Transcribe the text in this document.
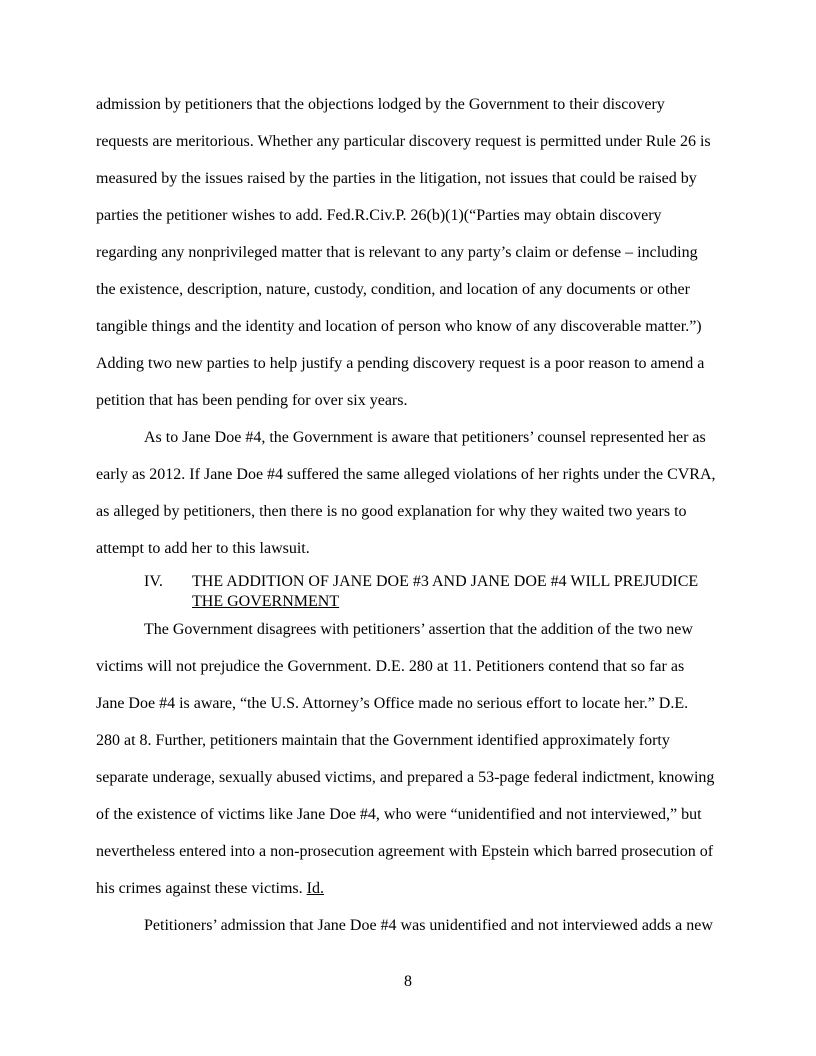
admission by petitioners that the objections lodged by the Government to their discovery
requests are meritorious. Whether any particular discovery request is permitted under Rule 26 is
measured by the issues raised by the parties in the litigation, not issues that could be raised by
parties the petitioner wishes to add. Fed.R.Civ.P. 26(b)(1)(“Parties may obtain discovery
regarding any nonprivileged matter that is relevant to any party’s claim or defense – including
the existence, description, nature, custody, condition, and location of any documents or other
tangible things and the identity and location of person who know of any discoverable matter.”)
Adding two new parties to help justify a pending discovery request is a poor reason to amend a
petition that has been pending for over six years.
As to Jane Doe #4, the Government is aware that petitioners’ counsel represented her as
early as 2012. If Jane Doe #4 suffered the same alleged violations of her rights under the CVRA,
as alleged by petitioners, then there is no good explanation for why they waited two years to
attempt to add her to this lawsuit.
IV. THE ADDITION OF JANE DOE #3 AND JANE DOE #4 WILL PREJUDICE
THE GOVERNMENT
The Government disagrees with petitioners’ assertion that the addition of the two new
victims will not prejudice the Government. D.E. 280 at 11. Petitioners contend that so far as
Jane Doe #4 is aware, “the U.S. Attorney’s Office made no serious effort to locate her.” D.E.
280 at 8. Further, petitioners maintain that the Government identified approximately forty
separate underage, sexually abused victims, and prepared a 53-page federal indictment, knowing
of the existence of victims like Jane Doe #4, who were “unidentified and not interviewed,” but
nevertheless entered into a non-prosecution agreement with Epstein which barred prosecution of
his crimes against these victims. Id.
Petitioners’ admission that Jane Doe #4 was unidentified and not interviewed adds a new
8
